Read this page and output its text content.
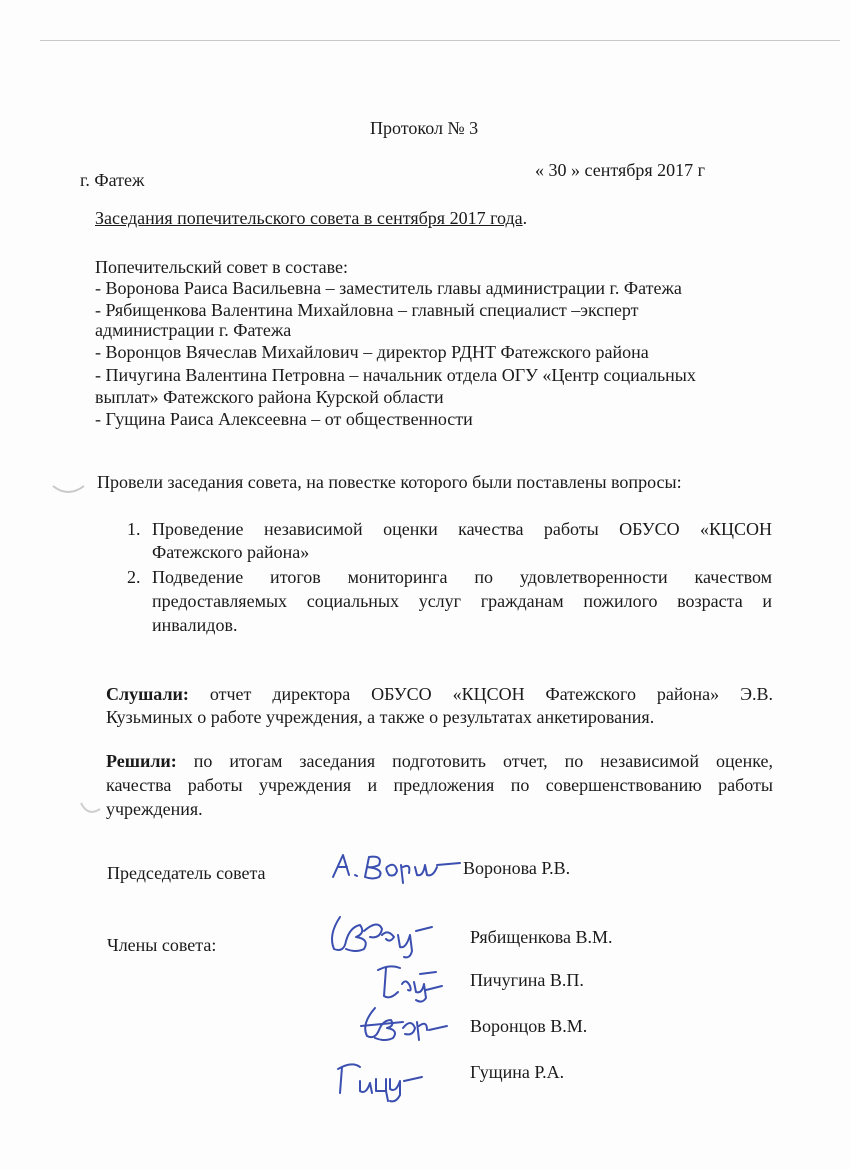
Протокол № 3
г. Фатеж	« 30 » сентября 2017 г
Заседания попечительского совета в сентября 2017 года.
Попечительский совет в составе:
- Воронова Раиса Васильевна – заместитель главы администрации г. Фатежа
- Рябищенкова Валентина Михайловна – главный специалист –эксперт
администрации г. Фатежа
- Воронцов Вячеслав Михайлович – директор РДНТ Фатежского района
- Пичугина Валентина Петровна – начальник отдела ОГУ «Центр социальных
выплат» Фатежского района Курской области
- Гущина Раиса Алексеевна – от общественности
Провели заседания совета, на повестке которого были поставлены вопросы:
1. Проведение независимой оценки качества работы ОБУСО «КЦСОН
Фатежского района»
2. Подведение итогов мониторинга по удовлетворенности качеством
предоставляемых социальных услуг гражданам пожилого возраста и
инвалидов.
Слушали: отчет директора ОБУСО «КЦСОН Фатежского района» Э.В.
Кузьминых о работе учреждения, а также о результатах анкетирования.
Решили: по итогам заседания подготовить отчет, по независимой оценке,
качества работы учреждения и предложения по совершенствованию работы
учреждения.
Председатель совета	Воронова Р.В.
Члены совета:	Рябищенкова В.М.
Пичугина В.П.
Воронцов В.М.
Гущина Р.А.
